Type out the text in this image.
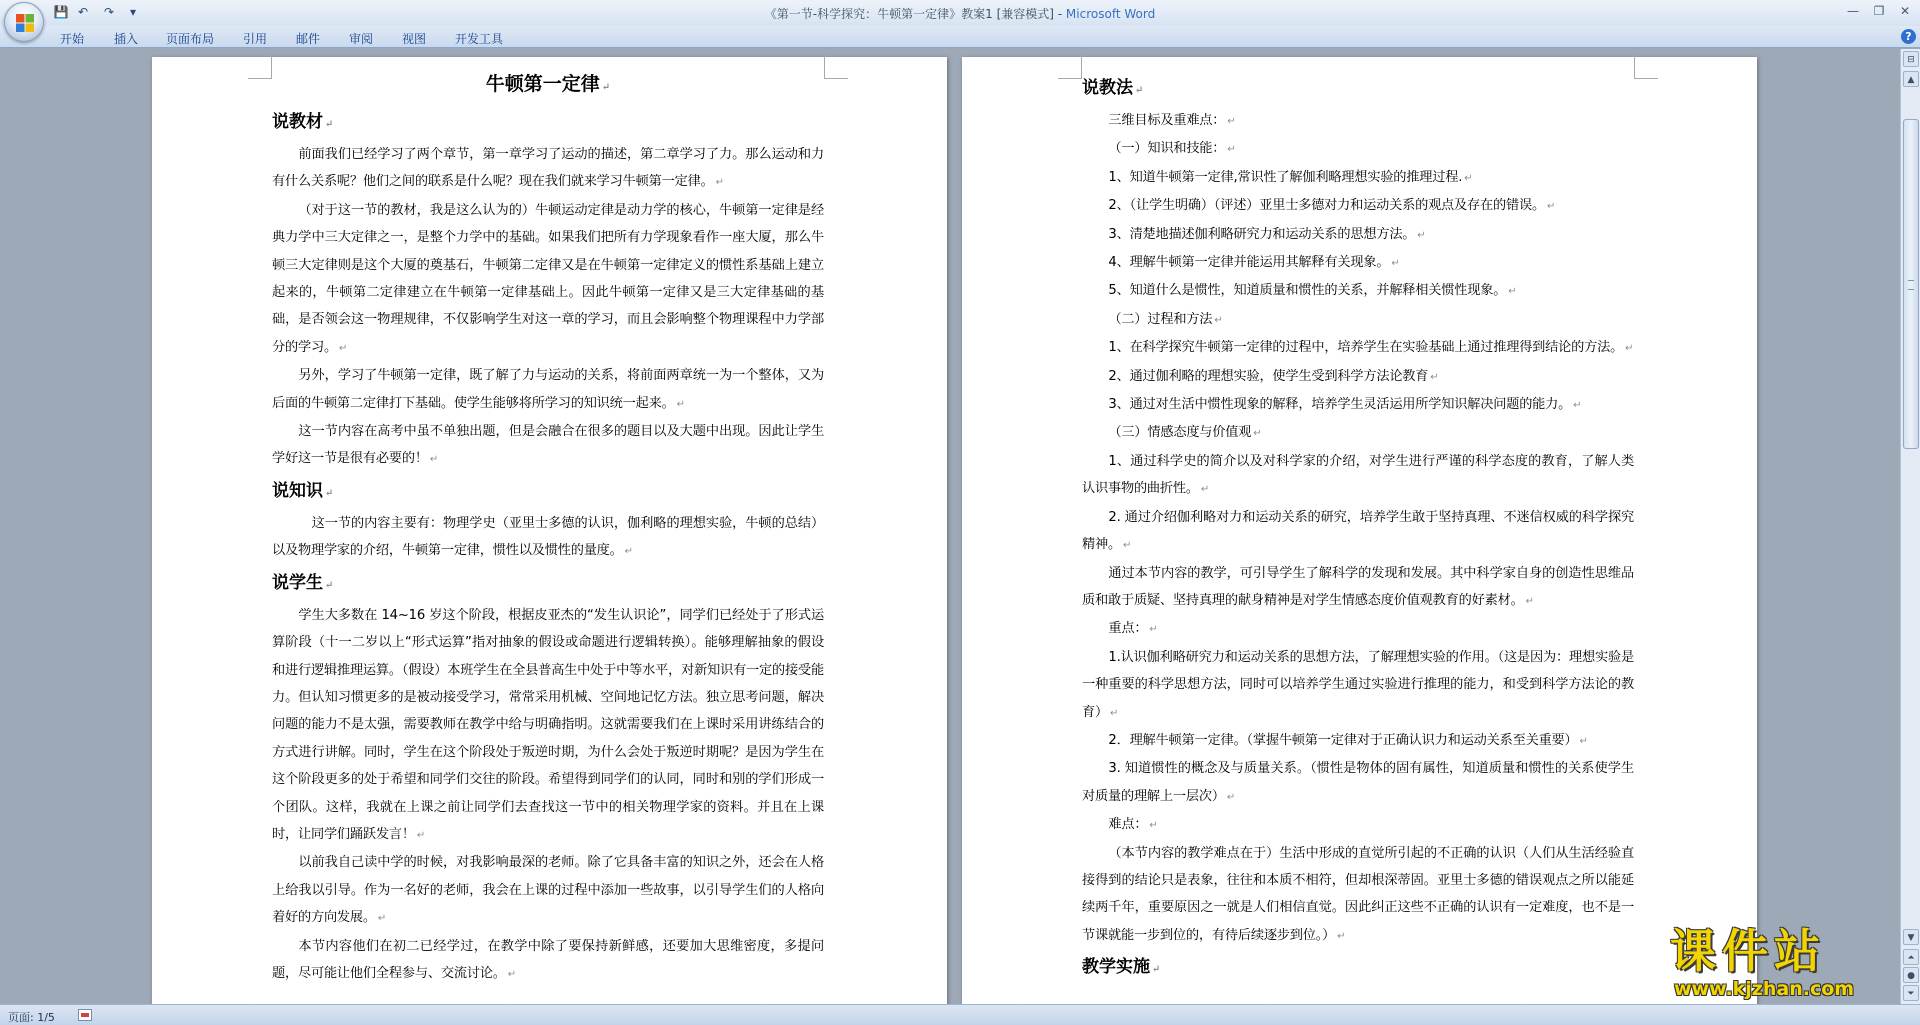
💾 ↶	↷	▾	《第一节-科学探究：牛顿第一定律》教案1 [兼容模式] - Microsoft Word	—	❐	✕
开始 插入 页面布局 引用 邮件 审阅 视图 开发工具	?
牛顿第一定律 ↵
说教材 ↵
前面我们已经学习了两个章节，第一章学习了运动的描述，第二章学习了力。那么运动和力有什么关系呢？他们之间的联系是什么呢？现在我们就来学习牛顿第一定律。 ↵
（对于这一节的教材，我是这么认为的）牛顿运动定律是动力学的核心，牛顿第一定律是经典力学中三大定律之一，是整个力学中的基础。如果我们把所有力学现象看作一座大厦，那么牛顿三大定律则是这个大厦的奠基石，牛顿第二定律又是在牛顿第一定律定义的惯性系基础上建立起来的，牛顿第二定律建立在牛顿第一定律基础上。因此牛顿第一定律又是三大定律基础的基础，是否领会这一物理规律，不仅影响学生对这一章的学习，而且会影响整个物理课程中力学部分的学习。 ↵
另外，学习了牛顿第一定律，既了解了力与运动的关系，将前面两章统一为一个整体，又为后面的牛顿第二定律打下基础。使学生能够将所学习的知识统一起来。 ↵
这一节内容在高考中虽不单独出题，但是会融合在很多的题目以及大题中出现。因此让学生学好这一节是很有必要的！ ↵
说知识 ↵
这一节的内容主要有：物理学史（亚里士多德的认识，伽利略的理想实验，牛顿的总结）以及物理学家的介绍，牛顿第一定律，惯性以及惯性的量度。 ↵
说学生 ↵
学生大多数在 14~16 岁这个阶段，根据皮亚杰的“发生认识论”，同学们已经处于了形式运算阶段（十一二岁以上“形式运算”指对抽象的假设或命题进行逻辑转换）。能够理解抽象的假设和进行逻辑推理运算。（假设）本班学生在全县普高生中处于中等水平，对新知识有一定的接受能力。但认知习惯更多的是被动接受学习，常常采用机械、空间地记忆方法。独立思考问题，解决问题的能力不是太强，需要教师在教学中给与明确指明。这就需要我们在上课时采用讲练结合的方式进行讲解。同时，学生在这个阶段处于叛逆时期，为什么会处于叛逆时期呢？是因为学生在这个阶段更多的处于希望和同学们交往的阶段。希望得到同学们的认同，同时和别的学们形成一个团队。这样，我就在上课之前让同学们去查找这一节中的相关物理学家的资料。并且在上课时，让同学们踊跃发言！ ↵
以前我自己读中学的时候，对我影响最深的老师。除了它具备丰富的知识之外，还会在人格上给我以引导。作为一名好的老师，我会在上课的过程中添加一些故事，以引导学生们的人格向着好的方向发展。 ↵
本节内容他们在初二已经学过，在教学中除了要保持新鲜感，还要加大思维密度，多提问题，尽可能让他们全程参与、交流讨论。 ↵
说教法 ↵
三维目标及重难点： ↵
（一）知识和技能： ↵
1、知道牛顿第一定律,常识性了解伽利略理想实验的推理过程. ↵
2、（让学生明确）（评述）亚里士多德对力和运动关系的观点及存在的错误。 ↵
3、清楚地描述伽利略研究力和运动关系的思想方法。 ↵
4、理解牛顿第一定律并能运用其解释有关现象。 ↵
5、知道什么是惯性，知道质量和惯性的关系，并解释相关惯性现象。 ↵
（二）过程和方法 ↵
1、在科学探究牛顿第一定律的过程中，培养学生在实验基础上通过推理得到结论的方法。 ↵
2、通过伽利略的理想实验，使学生受到科学方法论教育 ↵
3、通过对生活中惯性现象的解释，培养学生灵活运用所学知识解决问题的能力。 ↵
（三）情感态度与价值观 ↵
1、通过科学史的简介以及对科学家的介绍，对学生进行严谨的科学态度的教育，了解人类认识事物的曲折性。 ↵
2. 通过介绍伽利略对力和运动关系的研究，培养学生敢于坚持真理、不迷信权威的科学探究精神。 ↵
通过本节内容的教学，可引导学生了解科学的发现和发展。其中科学家自身的创造性思维品质和敢于质疑、坚持真理的献身精神是对学生情感态度价值观教育的好素材。 ↵
重点： ↵
1.认识伽利略研究力和运动关系的思想方法，了解理想实验的作用。（这是因为：理想实验是一种重要的科学思想方法，同时可以培养学生通过实验进行推理的能力，和受到科学方法论的教育） ↵
2．理解牛顿第一定律。（掌握牛顿第一定律对于正确认识力和运动关系至关重要） ↵
3. 知道惯性的概念及与质量关系。（惯性是物体的固有属性，知道质量和惯性的关系使学生对质量的理解上一层次） ↵
难点： ↵
（本节内容的教学难点在于）生活中形成的直觉所引起的不正确的认识（人们从生活经验直接得到的结论只是表象，往往和本质不相符，但却根深蒂固。亚里士多德的错误观点之所以能延续两千年，重要原因之一就是人们相信直觉。因此纠正这些不正确的认识有一定难度，也不是一节课就能一步到位的，有待后续逐步到位。） ↵
教学实施 ↵
⊟
▲
▼
⏶
●
⏷
页面: 1/5
课件站
www.kjzhan.com
